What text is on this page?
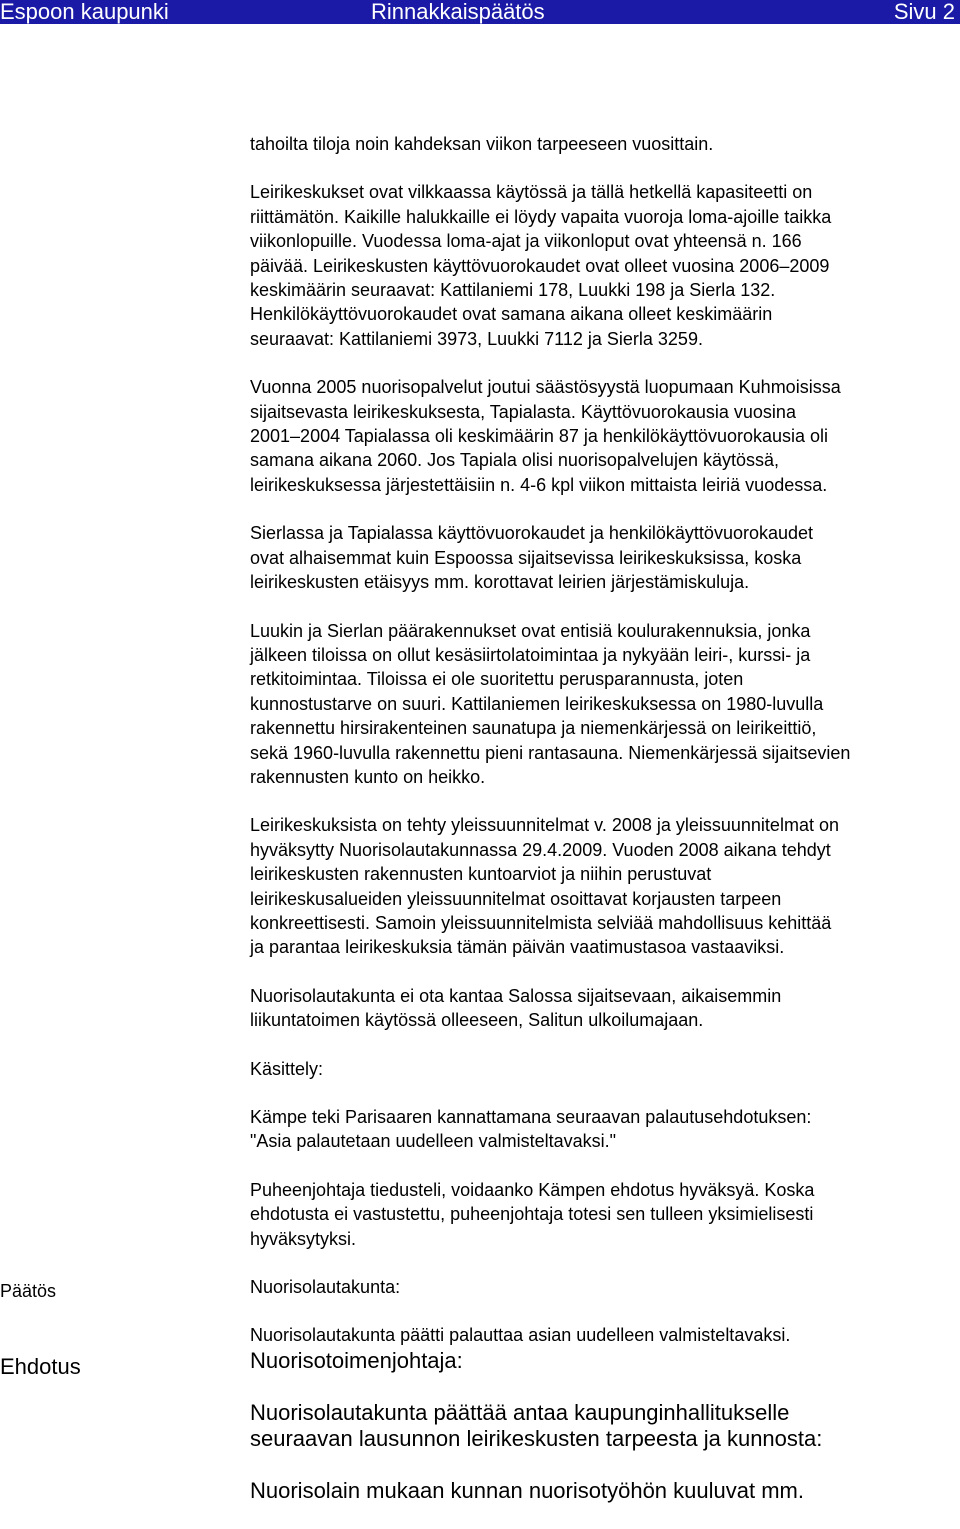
Espoon kaupunki	Rinnakkaispäätös	Sivu 2
Päätös
Ehdotus

tahoilta tiloja noin kahdeksan viikon tarpeeseen vuosittain.

Leirikeskukset ovat vilkkaassa käytössä ja tällä hetkellä kapasiteetti on
riittämätön. Kaikille halukkaille ei löydy vapaita vuoroja loma-ajoille taikka
viikonlopuille. Vuodessa loma-ajat ja viikonloput ovat yhteensä n. 166
päivää. Leirikeskusten käyttövuorokaudet ovat olleet vuosina 2006–2009
keskimäärin seuraavat: Kattilaniemi 178, Luukki 198 ja Sierla 132.
Henkilökäyttövuorokaudet ovat samana aikana olleet keskimäärin
seuraavat: Kattilaniemi 3973, Luukki 7112 ja Sierla 3259.

Vuonna 2005 nuorisopalvelut joutui säästösyystä luopumaan Kuhmoisissa
sijaitsevasta leirikeskuksesta, Tapialasta. Käyttövuorokausia vuosina
2001–2004 Tapialassa oli keskimäärin 87 ja henkilökäyttövuorokausia oli
samana aikana 2060. Jos Tapiala olisi nuorisopalvelujen käytössä,
leirikeskuksessa järjestettäisiin n. 4-6 kpl viikon mittaista leiriä vuodessa.

Sierlassa ja Tapialassa käyttövuorokaudet ja henkilökäyttövuorokaudet
ovat alhaisemmat kuin Espoossa sijaitsevissa leirikeskuksissa, koska
leirikeskusten etäisyys mm. korottavat leirien järjestämiskuluja.

Luukin ja Sierlan päärakennukset ovat entisiä koulurakennuksia, jonka
jälkeen tiloissa on ollut kesäsiirtolatoimintaa ja nykyään leiri-, kurssi- ja
retkitoimintaa. Tiloissa ei ole suoritettu perusparannusta, joten
kunnostustarve on suuri. Kattilaniemen leirikeskuksessa on 1980-luvulla
rakennettu hirsirakenteinen saunatupa ja niemenkärjessä on leirikeittiö,
sekä 1960-luvulla rakennettu pieni rantasauna. Niemenkärjessä sijaitsevien
rakennusten kunto on heikko.

Leirikeskuksista on tehty yleissuunnitelmat v. 2008 ja yleissuunnitelmat on
hyväksytty Nuorisolautakunnassa 29.4.2009. Vuoden 2008 aikana tehdyt
leirikeskusten rakennusten kuntoarviot ja niihin perustuvat
leirikeskusalueiden yleissuunnitelmat osoittavat korjausten tarpeen
konkreettisesti. Samoin yleissuunnitelmista selviää mahdollisuus kehittää
ja parantaa leirikeskuksia tämän päivän vaatimustasoa vastaaviksi.

Nuorisolautakunta ei ota kantaa Salossa sijaitsevaan, aikaisemmin
liikuntatoimen käytössä olleeseen, Salitun ulkoilumajaan.

Käsittely:

Kämpe teki Parisaaren kannattamana seuraavan palautusehdotuksen:
"Asia palautetaan uudelleen valmisteltavaksi."

Puheenjohtaja tiedusteli, voidaanko Kämpen ehdotus hyväksyä. Koska
ehdotusta ei vastustettu, puheenjohtaja totesi sen tulleen yksimielisesti
hyväksytyksi.

Nuorisolautakunta:

Nuorisolautakunta päätti palauttaa asian uudelleen valmisteltavaksi.

Nuorisotoimenjohtaja:

Nuorisolautakunta päättää antaa kaupunginhallitukselle
seuraavan lausunnon leirikeskusten tarpeesta ja kunnosta:

Nuorisolain mukaan kunnan nuorisotyöhön kuuluvat mm.
